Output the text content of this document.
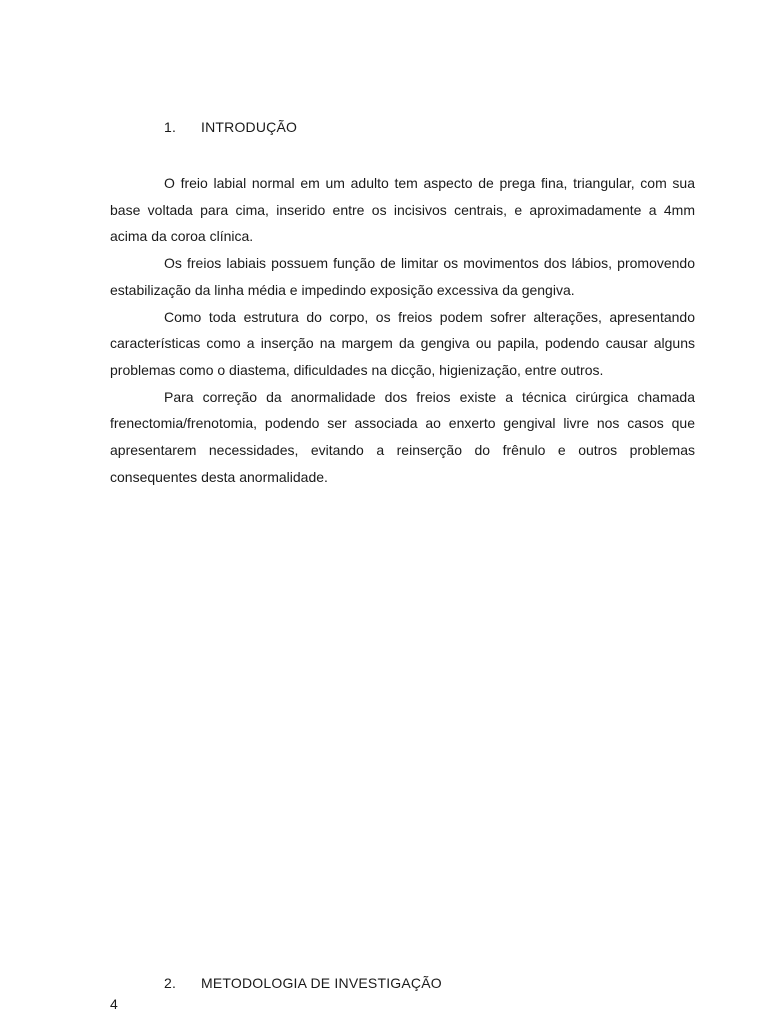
1. INTRODUÇÃO

O freio labial normal em um adulto tem aspecto de prega fina, triangular, com sua base voltada para cima, inserido entre os incisivos centrais, e aproximadamente a 4mm acima da coroa clínica.

Os freios labiais possuem função de limitar os movimentos dos lábios, promovendo estabilização da linha média e impedindo exposição excessiva da gengiva.

Como toda estrutura do corpo, os freios podem sofrer alterações, apresentando características como a inserção na margem da gengiva ou papila, podendo causar alguns problemas como o diastema, dificuldades na dicção, higienização, entre outros.

Para correção da anormalidade dos freios existe a técnica cirúrgica chamada frenectomia/frenotomia, podendo ser associada ao enxerto gengival livre nos casos que apresentarem necessidades, evitando a reinserção do frênulo e outros problemas consequentes desta anormalidade.

2. METODOLOGIA DE INVESTIGAÇÃO
4
